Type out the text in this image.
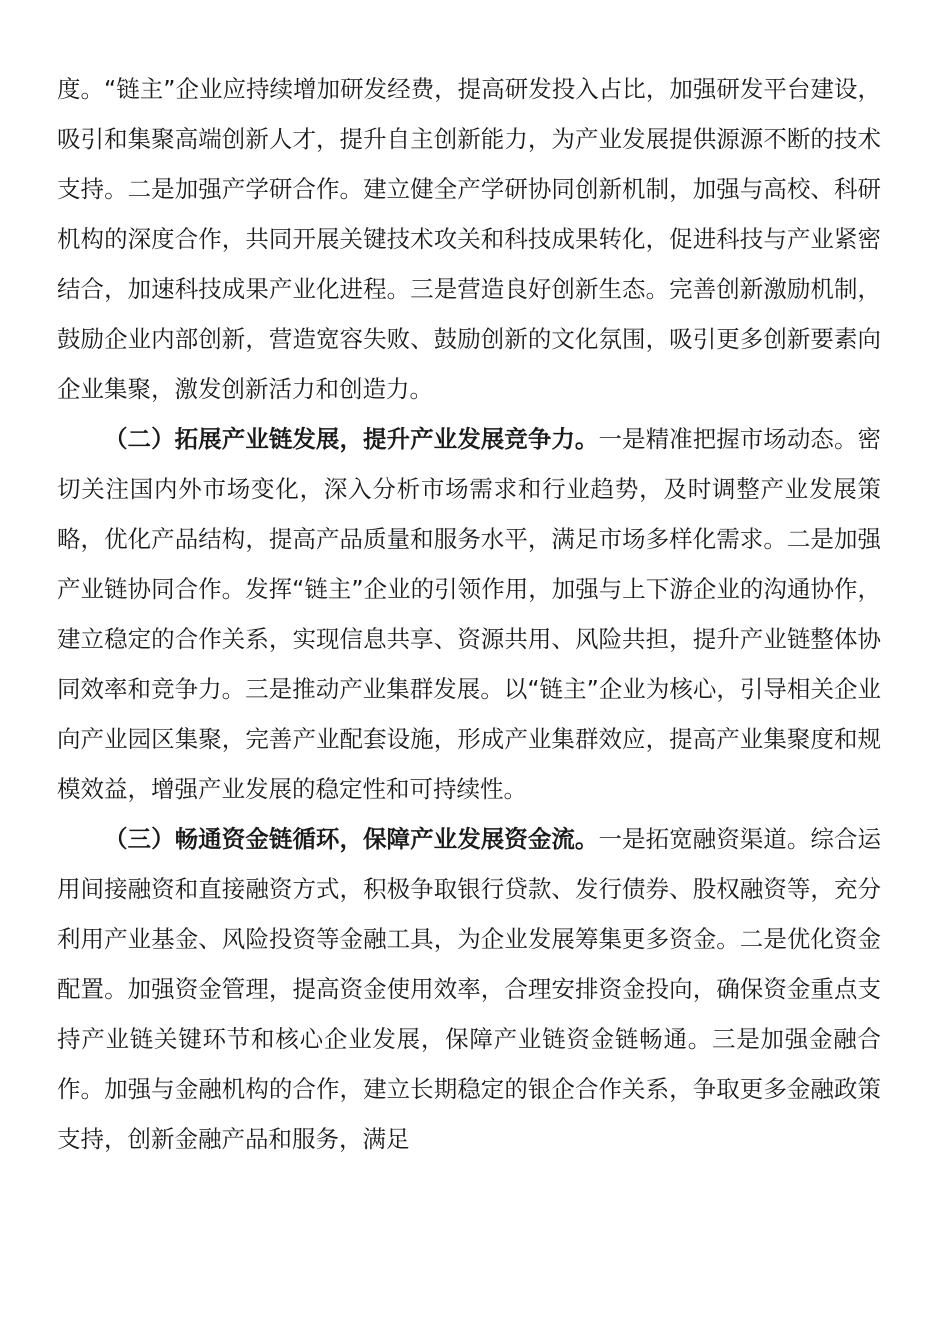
度。“链主”企业应持续增加研发经费，提高研发投入占比，加强研发平台建设，吸引和集聚高端创新人才，提升自主创新能力，为产业发展提供源源不断的技术支持。二是加强产学研合作。建立健全产学研协同创新机制，加强与高校、科研机构的深度合作，共同开展关键技术攻关和科技成果转化，促进科技与产业紧密结合，加速科技成果产业化进程。三是营造良好创新生态。完善创新激励机制，鼓励企业内部创新，营造宽容失败、鼓励创新的文化氛围，吸引更多创新要素向企业集聚，激发创新活力和创造力。

（二）拓展产业链发展，提升产业发展竞争力。一是精准把握市场动态。密切关注国内外市场变化，深入分析市场需求和行业趋势，及时调整产业发展策略，优化产品结构，提高产品质量和服务水平，满足市场多样化需求。二是加强产业链协同合作。发挥“链主”企业的引领作用，加强与上下游企业的沟通协作，建立稳定的合作关系，实现信息共享、资源共用、风险共担，提升产业链整体协同效率和竞争力。三是推动产业集群发展。以“链主”企业为核心，引导相关企业向产业园区集聚，完善产业配套设施，形成产业集群效应，提高产业集聚度和规模效益，增强产业发展的稳定性和可持续性。

（三）畅通资金链循环，保障产业发展资金流。一是拓宽融资渠道。综合运用间接融资和直接融资方式，积极争取银行贷款、发行债券、股权融资等，充分利用产业基金、风险投资等金融工具，为企业发展筹集更多资金。二是优化资金配置。加强资金管理，提高资金使用效率，合理安排资金投向，确保资金重点支持产业链关键环节和核心企业发展，保障产业链资金链畅通。三是加强金融合作。加强与金融机构的合作，建立长期稳定的银企合作关系，争取更多金融政策支持，创新金融产品和服务，满足
